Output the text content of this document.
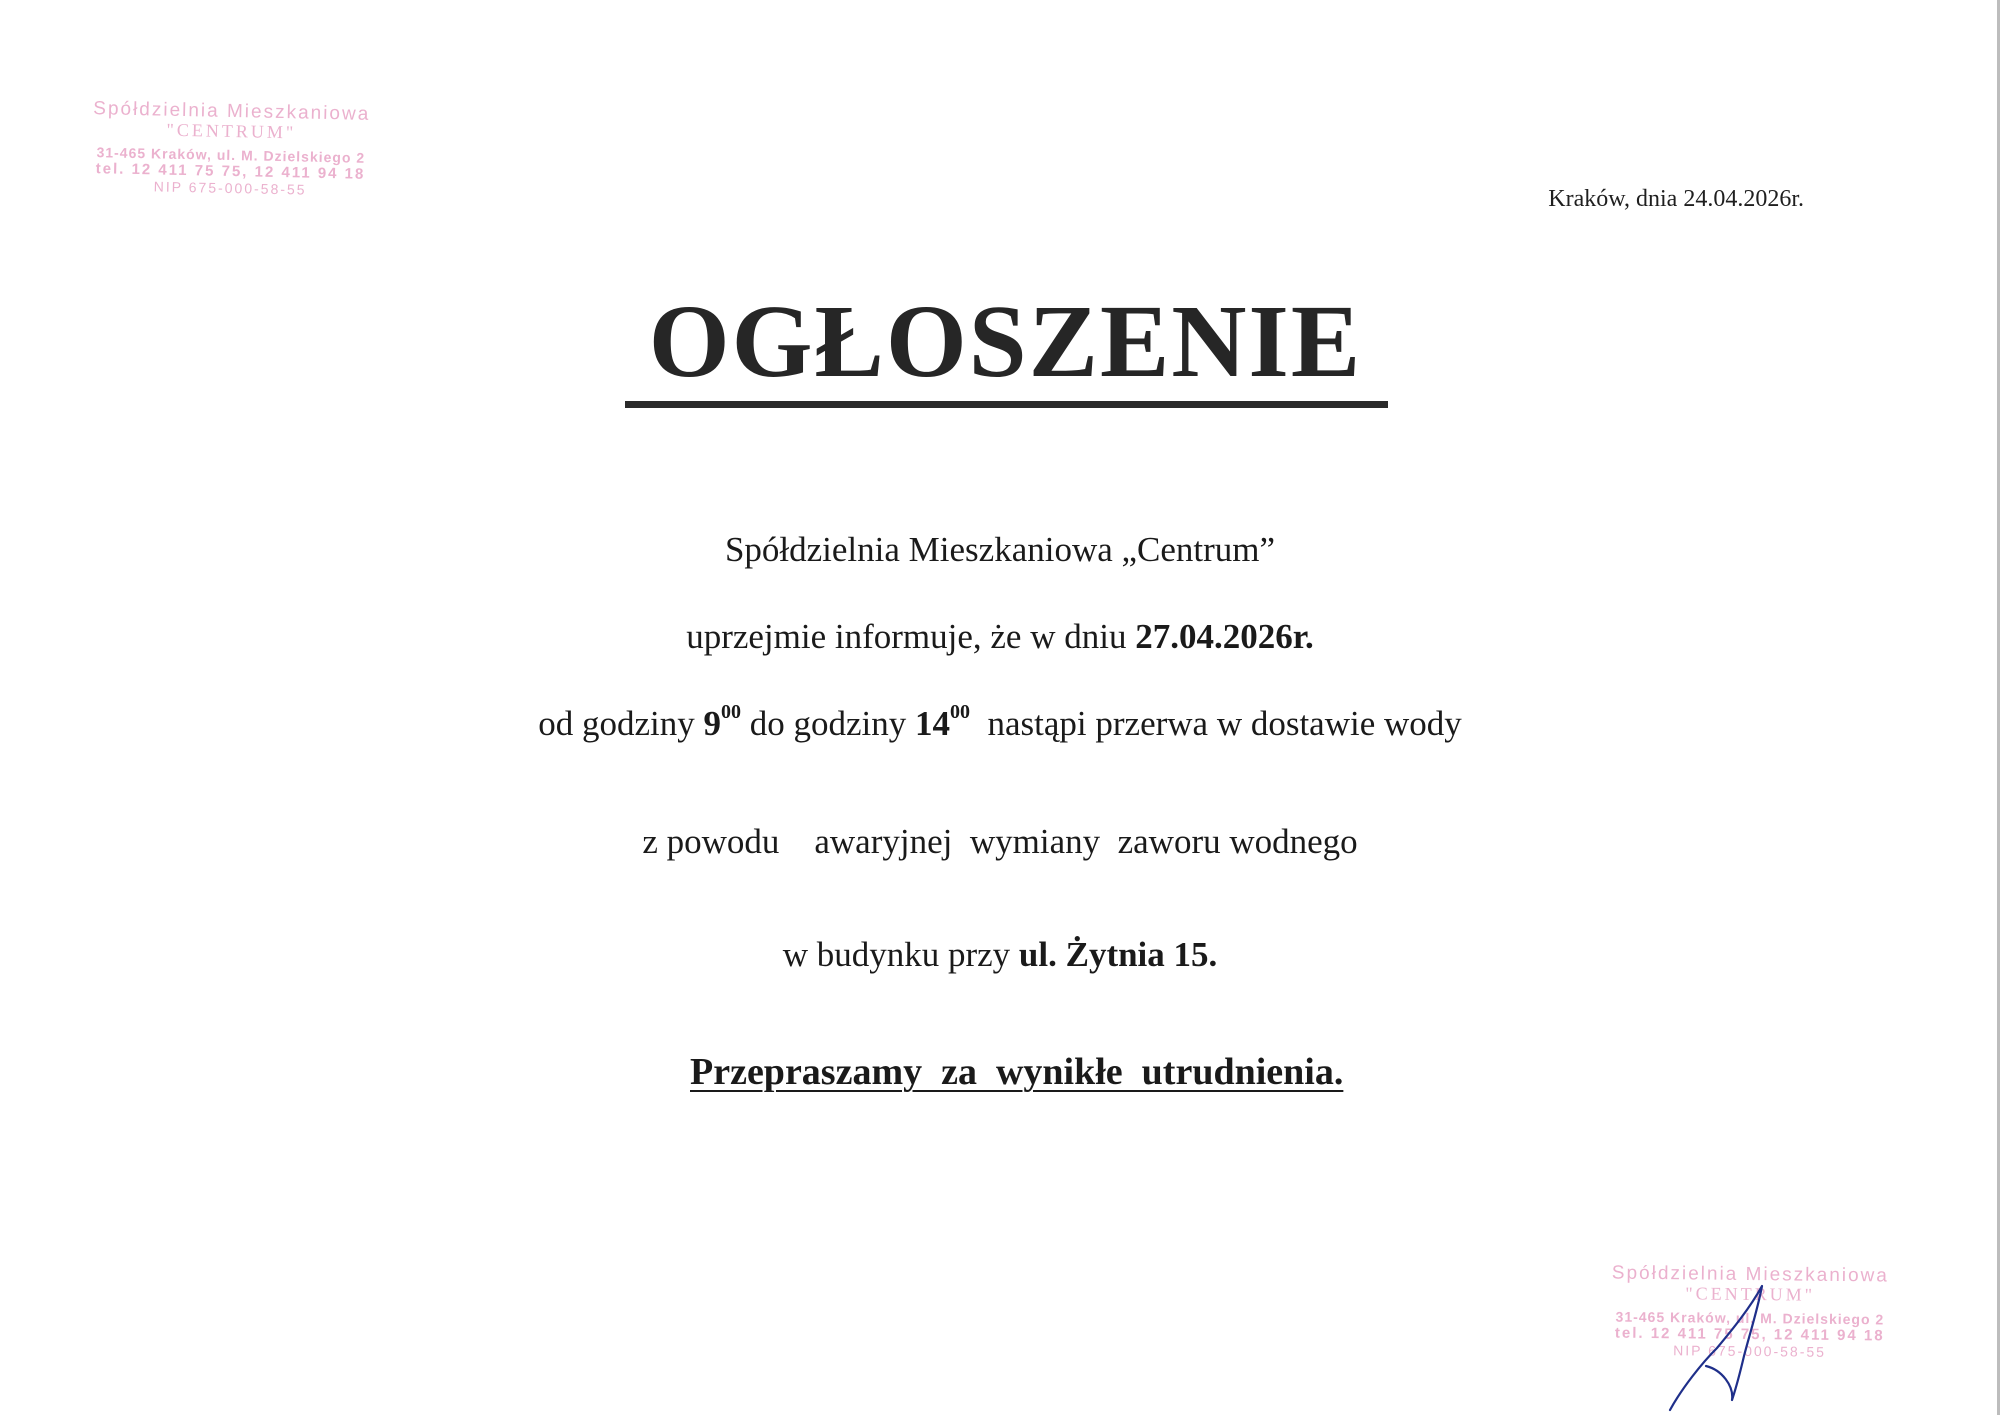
Spółdzielnia Mieszkaniowa
"CENTRUM"
31-465 Kraków, ul. M. Dzielskiego 2
tel. 12 411 75 75, 12 411 94 18
NIP 675-000-58-55	Kraków, dnia 24.04.2026r.
OGŁOSZENIE
Spółdzielnia Mieszkaniowa „Centrum”
uprzejmie informuje, że w dniu 27.04.2026r.
od godziny $9^{00}$ do godziny $14^{00}$  nastąpi przerwa w dostawie wody
z powodu    awaryjnej  wymiany  zaworu wodnego
w budynku przy ul. Żytnia 15.
Przepraszamy  za  wynikłe  utrudnienia.
Spółdzielnia Mieszkaniowa
"CENTRUM"
31-465 Kraków, ul. M. Dzielskiego 2
tel. 12 411 75 75, 12 411 94 18
NIP 675-000-58-55
